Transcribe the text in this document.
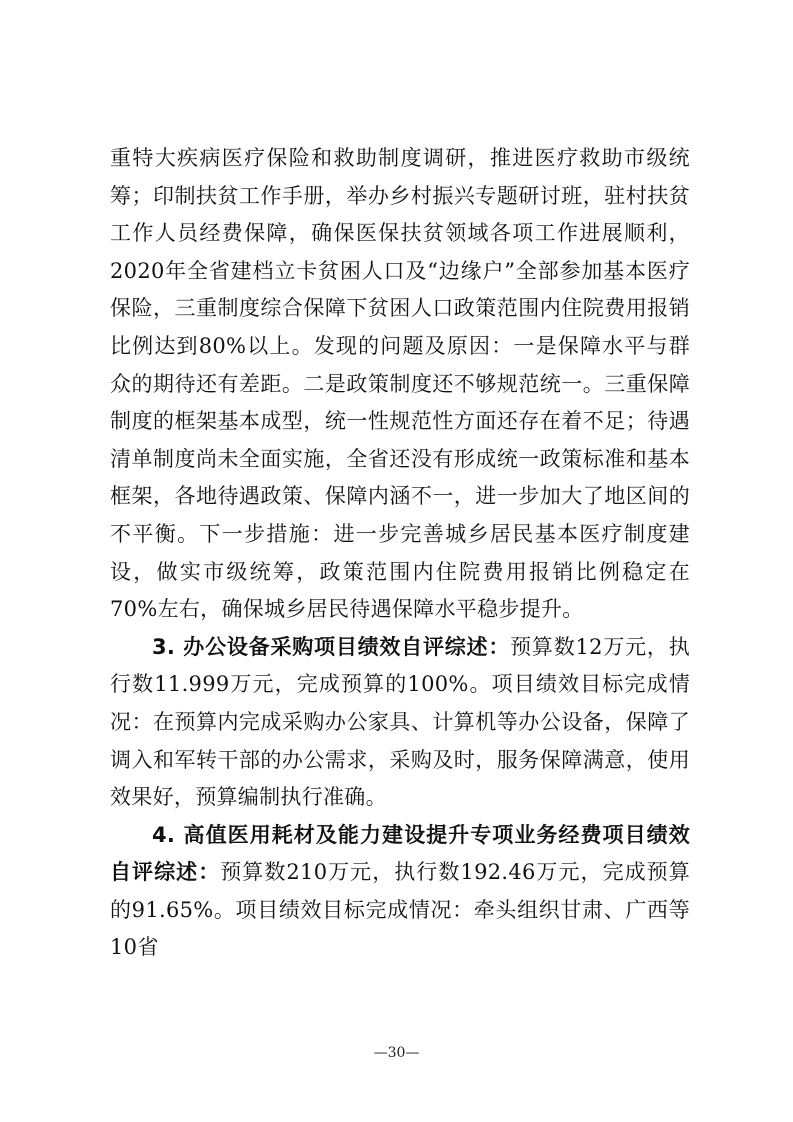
重特大疾病医疗保险和救助制度调研，推进医疗救助市级统筹；印制扶贫工作手册，举办乡村振兴专题研讨班，驻村扶贫工作人员经费保障，确保医保扶贫领域各项工作进展顺利，2020年全省建档立卡贫困人口及“边缘户”全部参加基本医疗保险，三重制度综合保障下贫困人口政策范围内住院费用报销比例达到80%以上。发现的问题及原因：一是保障水平与群众的期待还有差距。二是政策制度还不够规范统一。三重保障制度的框架基本成型，统一性规范性方面还存在着不足；待遇清单制度尚未全面实施，全省还没有形成统一政策标准和基本框架，各地待遇政策、保障内涵不一，进一步加大了地区间的不平衡。下一步措施：进一步完善城乡居民基本医疗制度建设，做实市级统筹，政策范围内住院费用报销比例稳定在70%左右，确保城乡居民待遇保障水平稳步提升。

3. 办公设备采购项目绩效自评综述：预算数12万元，执行数11.999万元，完成预算的100%。项目绩效目标完成情况：在预算内完成采购办公家具、计算机等办公设备，保障了调入和军转干部的办公需求，采购及时，服务保障满意，使用效果好，预算编制执行准确。

4. 高值医用耗材及能力建设提升专项业务经费项目绩效自评综述：预算数210万元，执行数192.46万元，完成预算的91.65%。项目绩效目标完成情况：牵头组织甘肃、广西等10省

—30—
